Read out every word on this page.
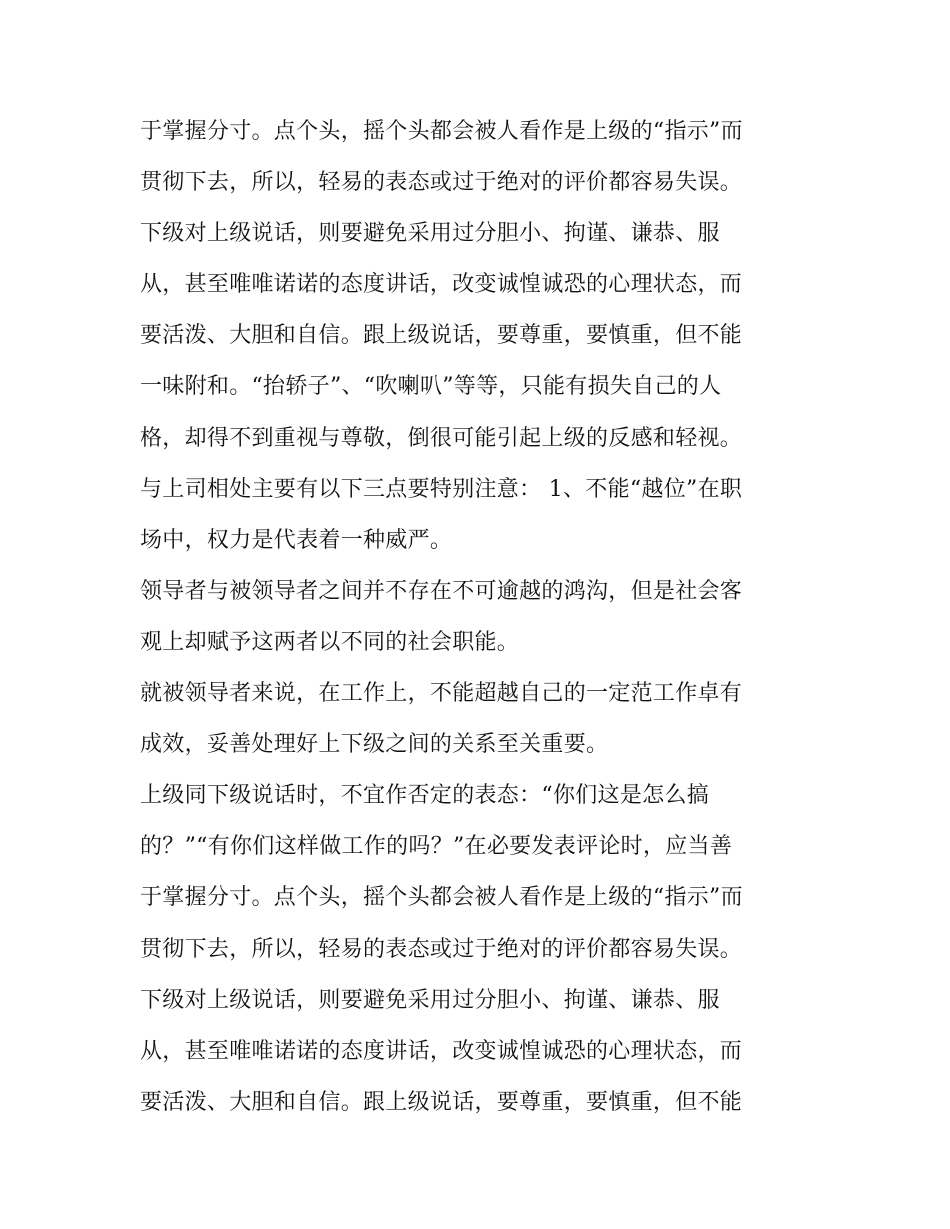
于掌握分寸。点个头，摇个头都会被人看作是上级的“指示”而
贯彻下去，所以，轻易的表态或过于绝对的评价都容易失误。
下级对上级说话，则要避免采用过分胆小、拘谨、谦恭、服
从，甚至唯唯诺诺的态度讲话，改变诚惶诚恐的心理状态，而
要活泼、大胆和自信。跟上级说话，要尊重，要慎重，但不能
一味附和。“抬轿子”、“吹喇叭”等等，只能有损失自己的人
格，却得不到重视与尊敬，倒很可能引起上级的反感和轻视。
与上司相处主要有以下三点要特别注意： 1、不能“越位”在职
场中，权力是代表着一种威严。
领导者与被领导者之间并不存在不可逾越的鸿沟，但是社会客
观上却赋予这两者以不同的社会职能。
就被领导者来说，在工作上，不能超越自己的一定范工作卓有
成效，妥善处理好上下级之间的关系至关重要。
上级同下级说话时，不宜作否定的表态：“你们这是怎么搞
的？”“有你们这样做工作的吗？”在必要发表评论时，应当善
于掌握分寸。点个头，摇个头都会被人看作是上级的“指示”而
贯彻下去，所以，轻易的表态或过于绝对的评价都容易失误。
下级对上级说话，则要避免采用过分胆小、拘谨、谦恭、服
从，甚至唯唯诺诺的态度讲话，改变诚惶诚恐的心理状态，而
要活泼、大胆和自信。跟上级说话，要尊重，要慎重，但不能
